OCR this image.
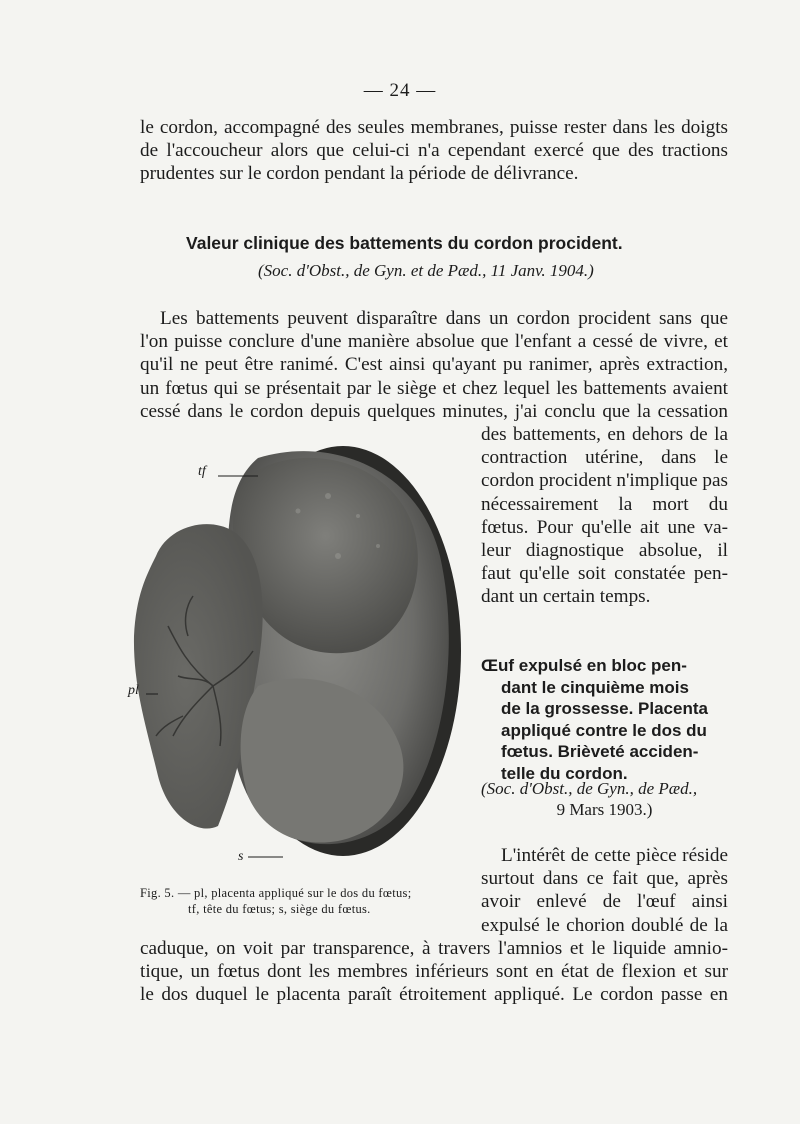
— 24 —
le cordon, accompagné des seules membranes, puisse rester dans les doigts
de l'accoucheur alors que celui-ci n'a cependant exercé que des tractions
prudentes sur le cordon pendant la période de délivrance.
Valeur clinique des battements du cordon procident.
(Soc. d'Obst., de Gyn. et de Pæd., 11 Janv. 1904.)
Les battements peuvent disparaître dans un cordon procident sans que
l'on puisse conclure d'une manière absolue que l'enfant a cessé de vivre, et
qu'il ne peut être ranimé. C'est ainsi qu'ayant pu ranimer, après extraction,
un fœtus qui se présentait par le siège et chez lequel les battements avaient
cessé dans le cordon depuis quelques minutes, j'ai conclu que la cessation
des battements, en dehors de la
contraction utérine, dans le
cordon procident n'implique pas
nécessairement la mort du
fœtus. Pour qu'elle ait une va-
leur diagnostique absolue, il
faut qu'elle soit constatée pen-
dant un certain temps.
tf
pl
s
Fig. 5. — pl, placenta appliqué sur le dos du fœtus;
tf, tête du fœtus; s, siège du fœtus.
Œuf expulsé en bloc pen-
dant le cinquième mois
de la grossesse. Placenta
appliqué contre le dos du
fœtus. Brièveté acciden-
telle du cordon.
(Soc. d'Obst., de Gyn., de Pæd.,
9 Mars 1903.)
L'intérêt de cette pièce réside
surtout dans ce fait que, après
avoir enlevé de l'œuf ainsi
expulsé le chorion doublé de la
caduque, on voit par transparence, à travers l'amnios et le liquide amnio-
tique, un fœtus dont les membres inférieurs sont en état de flexion et sur
le dos duquel le placenta paraît étroitement appliqué. Le cordon passe en
